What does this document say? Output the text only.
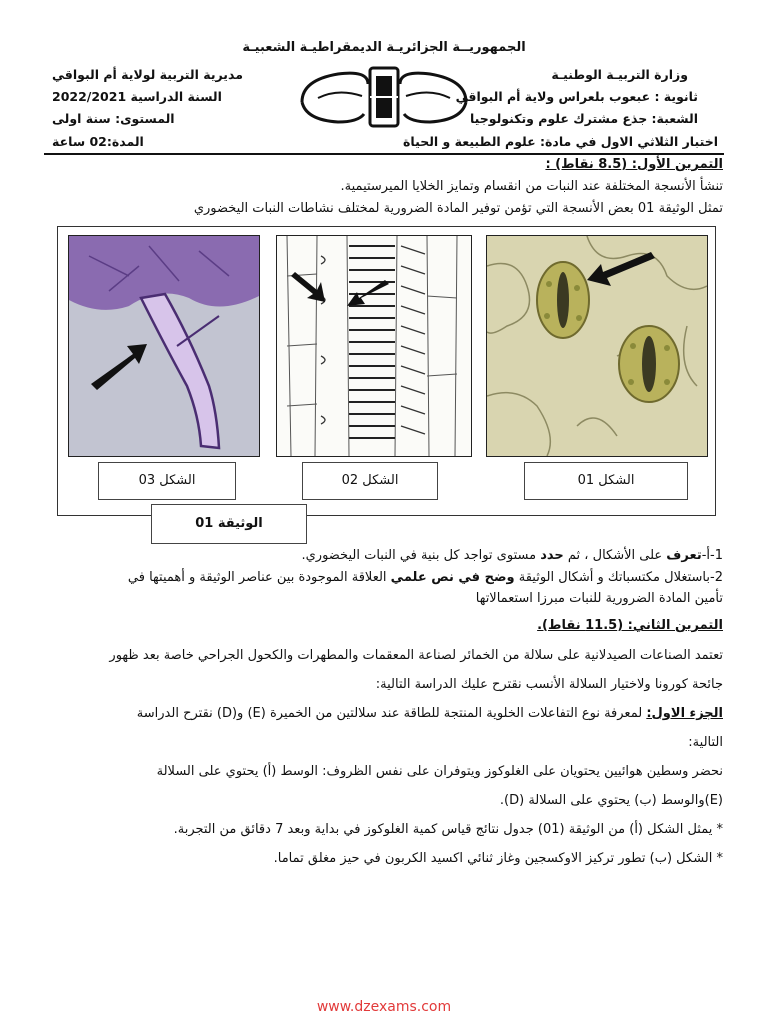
الجمهوريــة الجزائريـة الديمقراطيـة الشعبيـة
وزارة التربيـة الوطنيـة
مديرية التربية لولاية أم البواقي
ثانوية : عبعوب بلعراس ولاية أم البواقي
السنة الدراسية 2022/2021
الشعبة: جذع مشترك علوم وتكنولوجيا
المستوى: سنة اولى
اختبار الثلاثي الاول في مادة: علوم الطبيعة و الحياة
المدة:02 ساعة
التمرين الأول: (8.5 نقاط) :
تنشأ الأنسجة المختلفة عند النبات من انقسام وتمايز الخلايا الميرستيمية.
تمثل الوثيقة 01 بعض الأنسجة التي تؤمن توفير المادة الضرورية لمختلف نشاطات النبات اليخضوري
الشكل 03	الشكل 02	الشكل 01
الوثيقة 01
1-أ-تعرف على الأشكال ، ثم حدد مستوى تواجد كل بنية في النبات اليخضوري.
2-باستغلال مكتسباتك و أشكال الوثيقة وضح في نص علمي العلاقة الموجودة بين عناصر الوثيقة و أهميتها في
تأمين المادة الضرورية للنبات مبرزا استعمالاتها
التمرين الثاني: (11.5 نقاط).
تعتمد الصناعات الصيدلانية على سلالة من الخمائر لصناعة المعقمات والمطهرات والكحول الجراحي خاصة بعد ظهور
جائحة كورونا ولاختيار السلالة الأنسب نقترح عليك الدراسة التالية:
الجزء الاول: لمعرفة نوع التفاعلات الخلوية المنتجة للطاقة عند سلالتين من الخميرة (E) و(D) نقترح الدراسة
التالية:
نحضر وسطين هوائيين يحتويان على الغلوكوز ويتوفران على نفس الظروف: الوسط (أ) يحتوي على السلالة
(E)والوسط (ب) يحتوي على السلالة (D).
* يمثل الشكل (أ) من الوثيقة (01) جدول نتائج قياس كمية الغلوكوز في بداية وبعد 7 دقائق من التجربة.
* الشكل (ب) تطور تركيز الاوكسجين وغاز ثنائي اكسيد الكربون في حيز مغلق تماما.
www.dzexams.com
